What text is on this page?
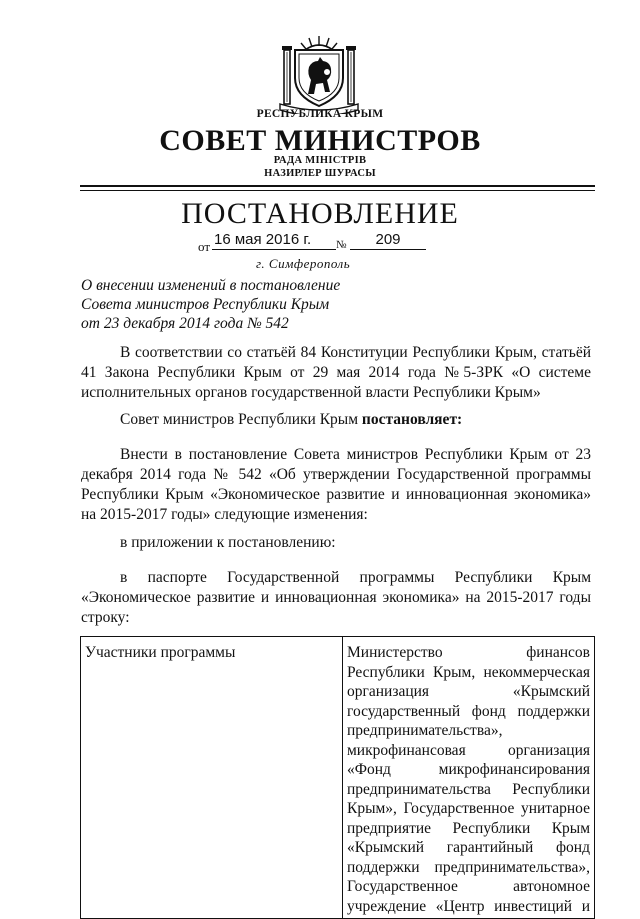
РЕСПУБЛИКА КРЫМ
СОВЕТ МИНИСТРОВ
РАДА МІНІСТРІВ
НАЗИРЛЕР ШУРАСЫ
ПОСТАНОВЛЕНИЕ
от 16 мая 2016 г.	№	209
г. Симферополь
О внесении изменений в постановление
Совета министров Республики Крым
от 23 декабря 2014 года № 542
В соответствии со статьёй 84 Конституции Республики Крым, статьёй 41 Закона Республики Крым от 29 мая 2014 года №5-ЗРК «О системе исполнительных органов государственной власти Республики Крым»
Совет министров Республики Крым постановляет:
Внести в постановление Совета министров Республики Крым от 23 декабря 2014 года № 542 «Об утверждении Государственной программы Республики Крым «Экономическое развитие и инновационная экономика» на 2015-2017 годы» следующие изменения:
в приложении к постановлению:
в паспорте Государственной программы Республики Крым «Экономическое развитие и инновационная экономика» на 2015-2017 годы строку:
Участники программы	Министерство финансов Республики Крым, некоммерческая организация «Крымский государственный фонд поддержки предпринимательства», микрофинансовая организация «Фонд микрофинансирования предпринимательства Республики Крым», Государственное унитарное предприятие Республики Крым «Крымский гарантийный фонд поддержки предпринимательства», Государственное автономное учреждение «Центр инвестиций и
